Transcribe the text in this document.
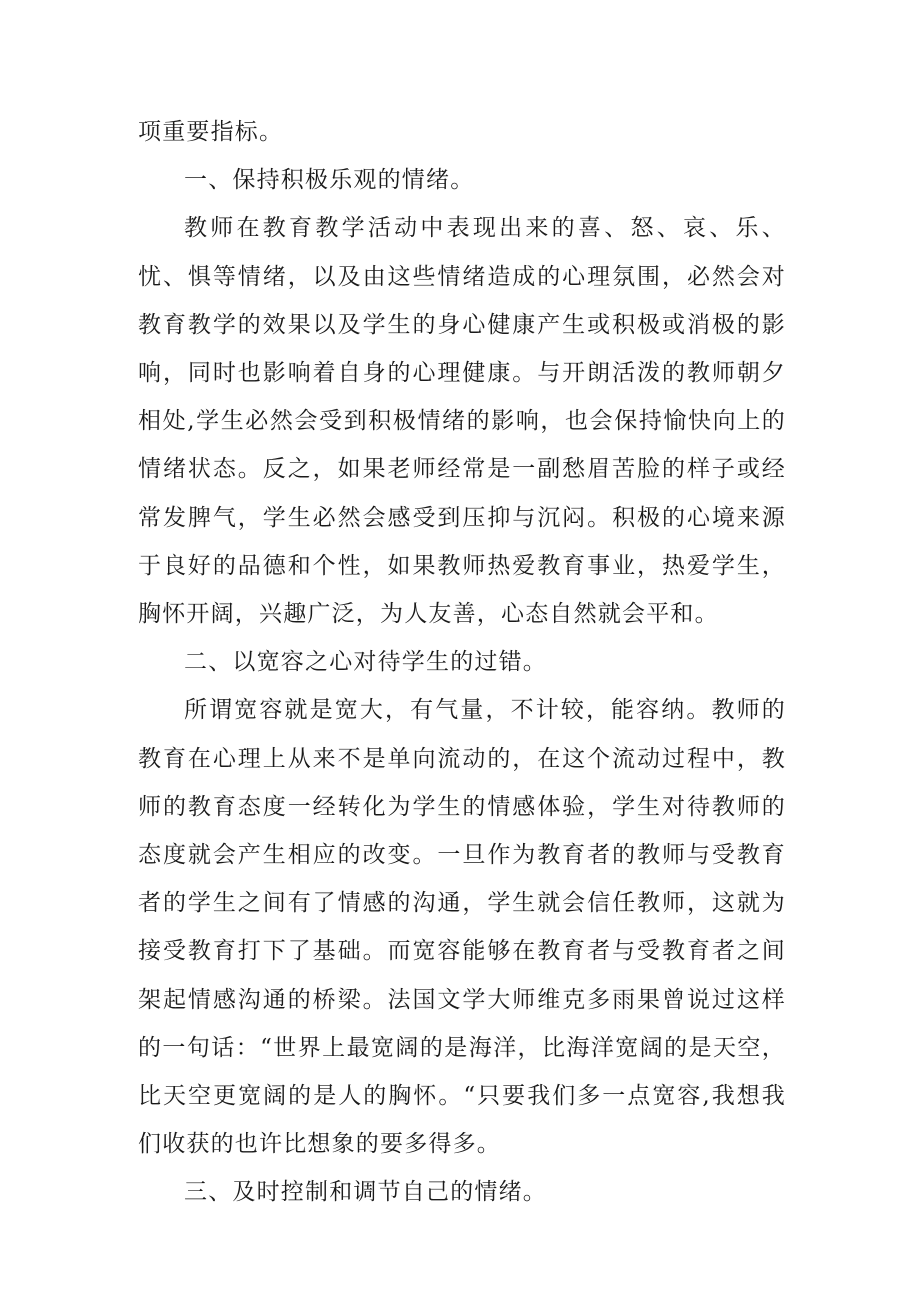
项重要指标。

一、保持积极乐观的情绪。

教师在教育教学活动中表现出来的喜、怒、哀、乐、忧、惧等情绪，以及由这些情绪造成的心理氛围，必然会对教育教学的效果以及学生的身心健康产生或积极或消极的影响，同时也影响着自身的心理健康。与开朗活泼的教师朝夕相处,学生必然会受到积极情绪的影响，也会保持愉快向上的情绪状态。反之，如果老师经常是一副愁眉苦脸的样子或经常发脾气，学生必然会感受到压抑与沉闷。积极的心境来源于良好的品德和个性，如果教师热爱教育事业，热爱学生，胸怀开阔，兴趣广泛，为人友善，心态自然就会平和。

二、以宽容之心对待学生的过错。

所谓宽容就是宽大，有气量，不计较，能容纳。教师的教育在心理上从来不是单向流动的，在这个流动过程中，教师的教育态度一经转化为学生的情感体验，学生对待教师的态度就会产生相应的改变。一旦作为教育者的教师与受教育者的学生之间有了情感的沟通，学生就会信任教师，这就为接受教育打下了基础。而宽容能够在教育者与受教育者之间架起情感沟通的桥梁。法国文学大师维克多雨果曾说过这样的一句话：“世界上最宽阔的是海洋，比海洋宽阔的是天空，比天空更宽阔的是人的胸怀。“只要我们多一点宽容,我想我们收获的也许比想象的要多得多。

三、及时控制和调节自己的情绪。
